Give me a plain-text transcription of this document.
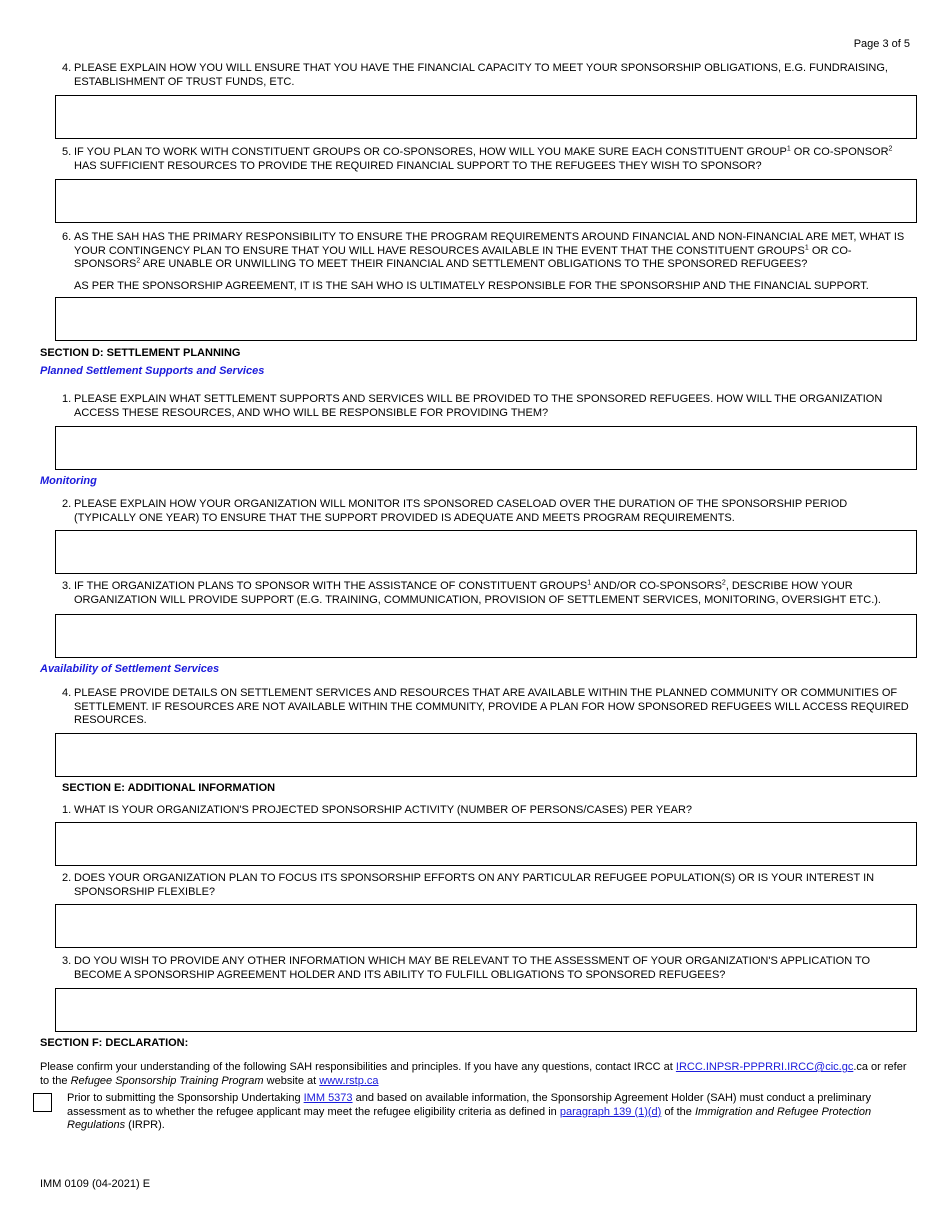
Page 3 of 5
4. PLEASE EXPLAIN HOW YOU WILL ENSURE THAT YOU HAVE THE FINANCIAL CAPACITY TO MEET YOUR SPONSORSHIP OBLIGATIONS, E.G. FUNDRAISING, ESTABLISHMENT OF TRUST FUNDS, ETC.
5. IF YOU PLAN TO WORK WITH CONSTITUENT GROUPS OR CO-SPONSORES, HOW WILL YOU MAKE SURE EACH CONSTITUENT GROUP$^1$ OR CO-SPONSOR$^2$ HAS SUFFICIENT RESOURCES TO PROVIDE THE REQUIRED FINANCIAL SUPPORT TO THE REFUGEES THEY WISH TO SPONSOR?
6. AS THE SAH HAS THE PRIMARY RESPONSIBILITY TO ENSURE THE PROGRAM REQUIREMENTS AROUND FINANCIAL AND NON-FINANCIAL ARE MET, WHAT IS YOUR CONTINGENCY PLAN TO ENSURE THAT YOU WILL HAVE RESOURCES AVAILABLE IN THE EVENT THAT THE CONSTITUENT GROUPS$^1$ OR CO-SPONSORS$^2$ ARE UNABLE OR UNWILLING TO MEET THEIR FINANCIAL AND SETTLEMENT OBLIGATIONS TO THE SPONSORED REFUGEES?
AS PER THE SPONSORSHIP AGREEMENT, IT IS THE SAH WHO IS ULTIMATELY RESPONSIBLE FOR THE SPONSORSHIP AND THE FINANCIAL SUPPORT.
SECTION D: SETTLEMENT PLANNING
Planned Settlement Supports and Services
1. PLEASE EXPLAIN WHAT SETTLEMENT SUPPORTS AND SERVICES WILL BE PROVIDED TO THE SPONSORED REFUGEES. HOW WILL THE ORGANIZATION ACCESS THESE RESOURCES, AND WHO WILL BE RESPONSIBLE FOR PROVIDING THEM?
Monitoring
2. PLEASE EXPLAIN HOW YOUR ORGANIZATION WILL MONITOR ITS SPONSORED CASELOAD OVER THE DURATION OF THE SPONSORSHIP PERIOD (TYPICALLY ONE YEAR) TO ENSURE THAT THE SUPPORT PROVIDED IS ADEQUATE AND MEETS PROGRAM REQUIREMENTS.
3. IF THE ORGANIZATION PLANS TO SPONSOR WITH THE ASSISTANCE OF CONSTITUENT GROUPS$^1$ AND/OR CO-SPONSORS$^2$, DESCRIBE HOW YOUR ORGANIZATION WILL PROVIDE SUPPORT (E.G. TRAINING, COMMUNICATION, PROVISION OF SETTLEMENT SERVICES, MONITORING, OVERSIGHT ETC.).
Availability of Settlement Services
4. PLEASE PROVIDE DETAILS ON SETTLEMENT SERVICES AND RESOURCES THAT ARE AVAILABLE WITHIN THE PLANNED COMMUNITY OR COMMUNITIES OF SETTLEMENT. IF RESOURCES ARE NOT AVAILABLE WITHIN THE COMMUNITY, PROVIDE A PLAN FOR HOW SPONSORED REFUGEES WILL ACCESS REQUIRED RESOURCES.
SECTION E: ADDITIONAL INFORMATION
1. WHAT IS YOUR ORGANIZATION'S PROJECTED SPONSORSHIP ACTIVITY (NUMBER OF PERSONS/CASES) PER YEAR?
2. DOES YOUR ORGANIZATION PLAN TO FOCUS ITS SPONSORSHIP EFFORTS ON ANY PARTICULAR REFUGEE POPULATION(S) OR IS YOUR INTEREST IN SPONSORSHIP FLEXIBLE?
3. DO YOU WISH TO PROVIDE ANY OTHER INFORMATION WHICH MAY BE RELEVANT TO THE ASSESSMENT OF YOUR ORGANIZATION'S APPLICATION TO BECOME A SPONSORSHIP AGREEMENT HOLDER AND ITS ABILITY TO FULFILL OBLIGATIONS TO SPONSORED REFUGEES?
SECTION F: DECLARATION:
Please confirm your understanding of the following SAH responsibilities and principles. If you have any questions, contact IRCC at IRCC.INPSR-PPPRRI.IRCC@cic.gc.ca or refer to the Refugee Sponsorship Training Program website at www.rstp.ca
Prior to submitting the Sponsorship Undertaking IMM 5373 and based on available information, the Sponsorship Agreement Holder (SAH) must conduct a preliminary assessment as to whether the refugee applicant may meet the refugee eligibility criteria as defined in paragraph 139 (1)(d) of the Immigration and Refugee Protection Regulations (IRPR).
IMM 0109 (04-2021) E
